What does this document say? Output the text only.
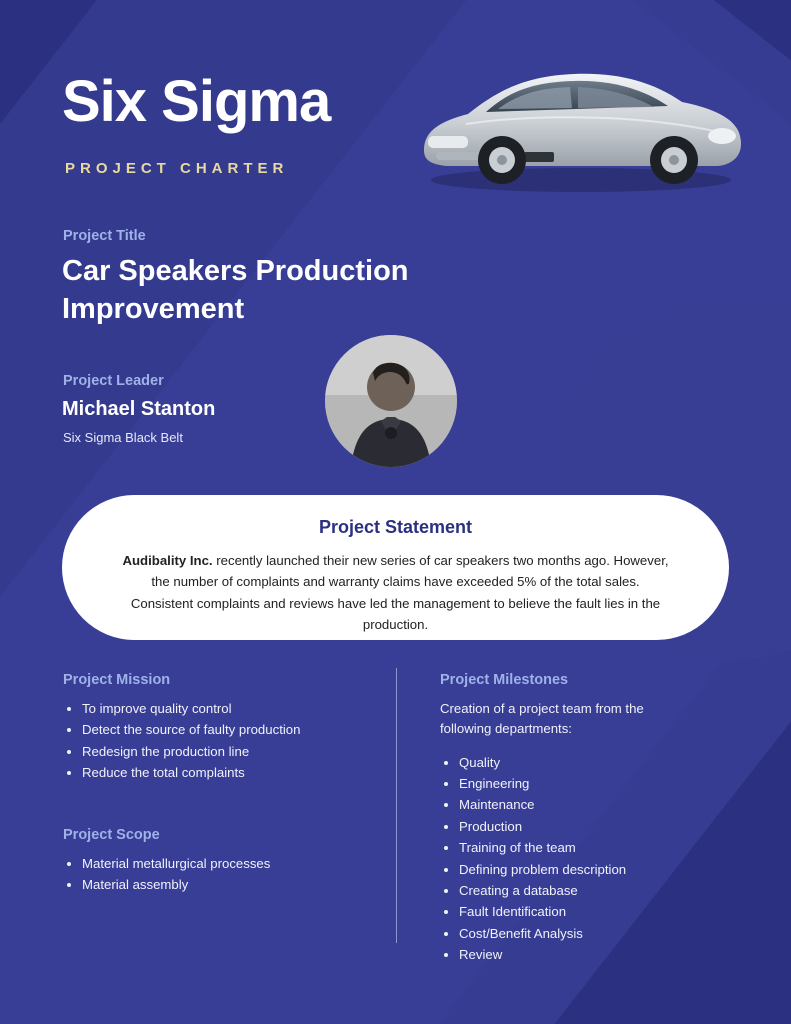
Six Sigma
PROJECT CHARTER
Project Title
Car Speakers Production Improvement
Project Leader
Michael Stanton
Six Sigma Black Belt
Project Statement

Audibality Inc. recently launched their new series of car speakers two months ago. However, the number of complaints and warranty claims have exceeded 5% of the total sales. Consistent complaints and reviews have led the management to believe the fault lies in the production.

Project Mission
• To improve quality control
• Detect the source of faulty production
• Redesign the production line
• Reduce the total complaints
Project Scope
• Material metallurgical processes
• Material assembly
Project Milestones

Creation of a project team from the following departments:

• Quality
• Engineering
• Maintenance
• Production
• Training of the team
• Defining problem description
• Creating a database
• Fault Identification
• Cost/Benefit Analysis
• Review
